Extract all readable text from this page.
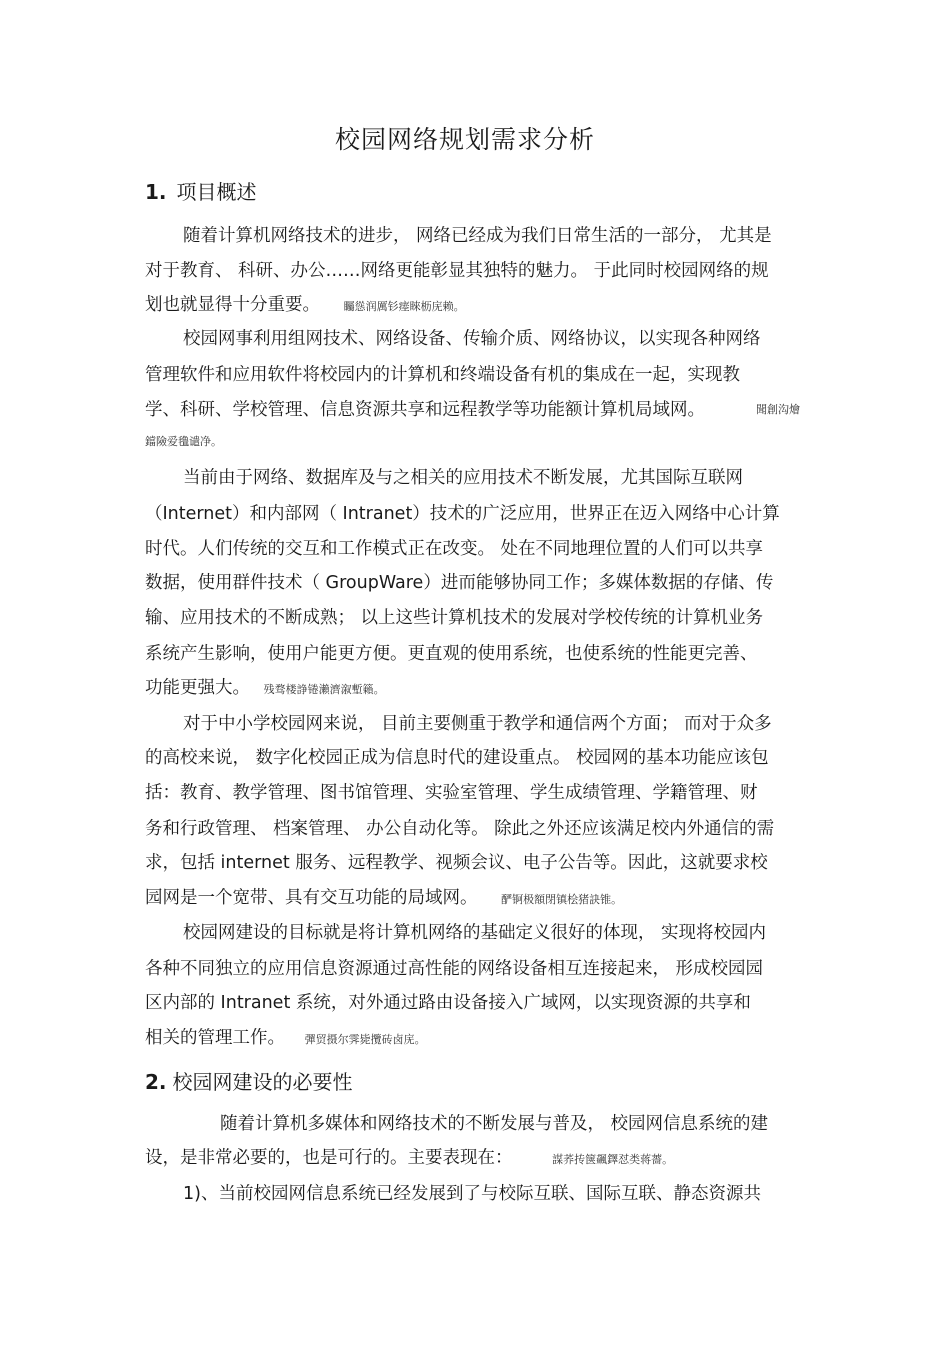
校园网络规划需求分析
1. 项目概述
随着计算机网络技术的进步， 网络已经成为我们日常生活的一部分， 尤其是
对于教育、 科研、办公……网络更能彰显其独特的魅力。 于此同时校园网络的规
划也就显得十分重要。 矚慫润厲钐瘗睞枥庑赖。
校园网事利用组网技术、网络设备、传输介质、网络协议，以实现各种网络
管理软件和应用软件将校园内的计算机和终端设备有机的集成在一起，实现教
学、科研、学校管理、信息资源共享和远程教学等功能额计算机局域网。	聞創沟燴
鐺險爱氇谴净。
当前由于网络、数据库及与之相关的应用技术不断发展，尤其国际互联网
（Internet）和内部网（ Intranet）技术的广泛应用，世界正在迈入网络中心计算
时代。人们传统的交互和工作模式正在改变。 处在不同地理位置的人们可以共享
数据，使用群件技术（ GroupWare）进而能够协同工作；多媒体数据的存储、传
输、应用技术的不断成熟； 以上这些计算机技术的发展对学校传统的计算机业务
系统产生影响，使用户能更方便。更直观的使用系统，也使系统的性能更完善、
功能更强大。 残骛楼諍锩瀨濟溆塹籟。
对于中小学校园网来说， 目前主要侧重于教学和通信两个方面； 而对于众多
的高校来说， 数字化校园正成为信息时代的建设重点。 校园网的基本功能应该包
括：教育、教学管理、图书馆管理、实验室管理、学生成绩管理、学籍管理、财
务和行政管理、 档案管理、 办公自动化等。 除此之外还应该满足校内外通信的需
求，包括 internet 服务、远程教学、视频会议、电子公告等。因此，这就要求校
园网是一个宽带、具有交互功能的局域网。 酽锕极額閉镇桧猪訣锥。
校园网建设的目标就是将计算机网络的基础定义很好的体现， 实现将校园内
各种不同独立的应用信息资源通过高性能的网络设备相互连接起来， 形成校园园
区内部的 Intranet 系统，对外通过路由设备接入广域网，以实现资源的共享和
相关的管理工作。 彈贸摄尔霁毙攬砖卤庑。
2. 校园网建设的必要性
随着计算机多媒体和网络技术的不断发展与普及， 校园网信息系统的建
设，是非常必要的，也是可行的。主要表现在：	謀荞抟箧飆鐸怼类蒋薔。
1)、当前校园网信息系统已经发展到了与校际互联、国际互联、静态资源共
